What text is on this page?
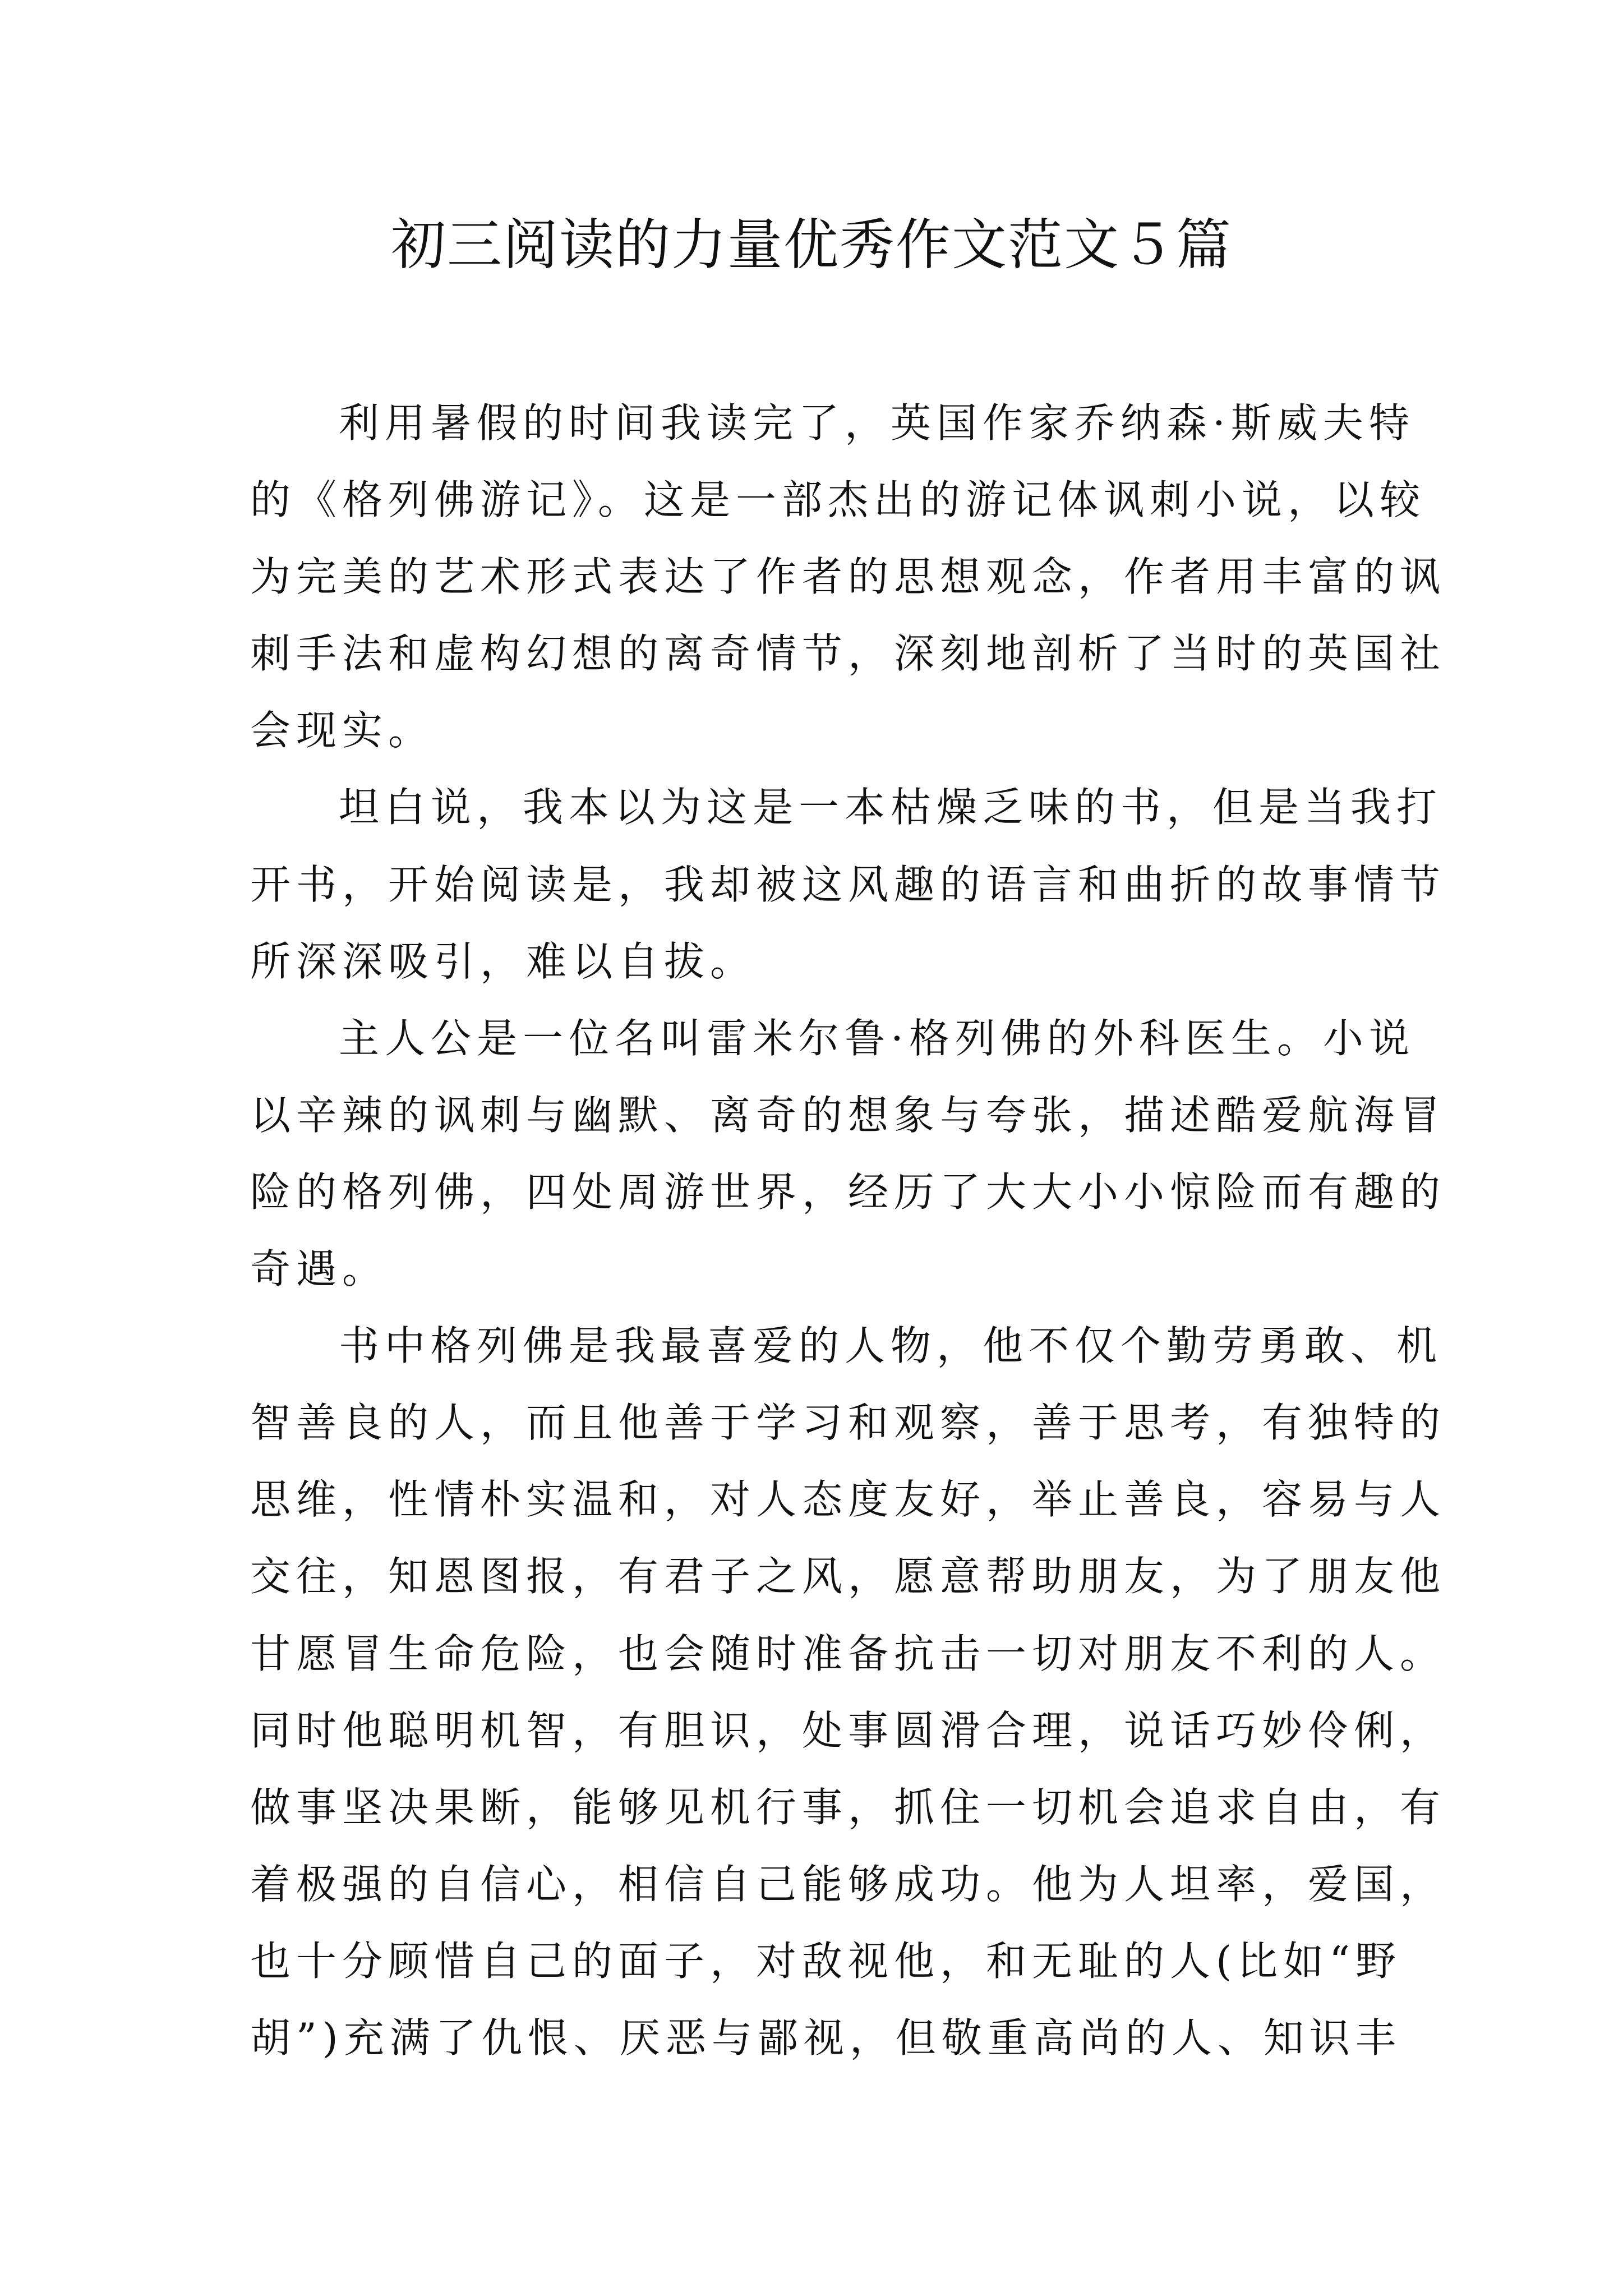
初三阅读的力量优秀作文范文５篇
利用暑假的时间我读完了，英国作家乔纳森·斯威夫特
的《格列佛游记》。这是一部杰出的游记体讽刺小说，以较
为完美的艺术形式表达了作者的思想观念，作者用丰富的讽
刺手法和虚构幻想的离奇情节，深刻地剖析了当时的英国社
会现实。
坦白说，我本以为这是一本枯燥乏味的书，但是当我打
开书，开始阅读是，我却被这风趣的语言和曲折的故事情节
所深深吸引，难以自拔。
主人公是一位名叫雷米尔鲁·格列佛的外科医生。小说
以辛辣的讽刺与幽默、离奇的想象与夸张，描述酷爱航海冒
险的格列佛，四处周游世界，经历了大大小小惊险而有趣的
奇遇。
书中格列佛是我最喜爱的人物，他不仅个勤劳勇敢、机
智善良的人，而且他善于学习和观察，善于思考，有独特的
思维，性情朴实温和，对人态度友好，举止善良，容易与人
交往，知恩图报，有君子之风，愿意帮助朋友，为了朋友他
甘愿冒生命危险，也会随时准备抗击一切对朋友不利的人。
同时他聪明机智，有胆识，处事圆滑合理，说话巧妙伶俐，
做事坚决果断，能够见机行事，抓住一切机会追求自由，有
着极强的自信心，相信自己能够成功。他为人坦率，爱国，
也十分顾惜自己的面子，对敌视他，和无耻的人(比如“野
胡”)充满了仇恨、厌恶与鄙视，但敬重高尚的人、知识丰
